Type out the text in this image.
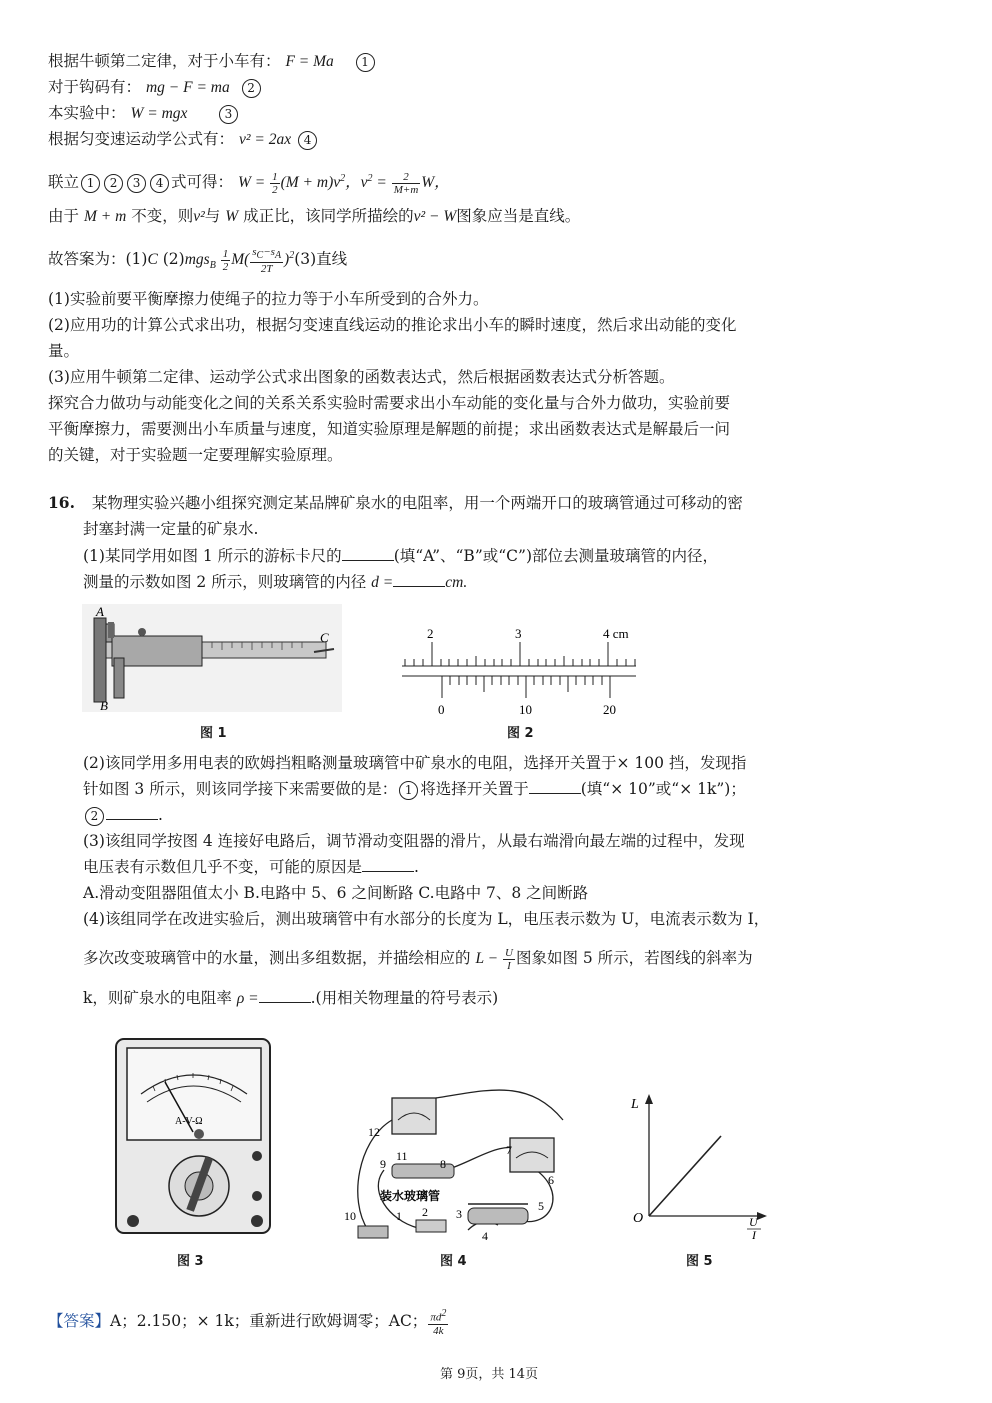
根据牛顿第二定律，对于小车有： F = Ma 1
对于钩码有： mg − F = ma 2
本实验中： W = mgx	3
根据匀变速运动学公式有： v² = 2ax 4
联立 1 2 3 4 式可得： $W = \frac{1}{2} (M + m)v^2$，$v^2 = \frac{2}{M+m}$ W，
由于 M + m 不变，则v²与 W 成正比，该同学所描绘的v² − W图象应当是直线。
故答案为：(1)C $(2)mgs_B \frac{1}{2} M( \frac{s_C-s_A}{2T} )^2(3)$直线
(1)实验前要平衡摩擦力使绳子的拉力等于小车所受到的合外力。
(2)应用功的计算公式求出功，根据匀变速直线运动的推论求出小车的瞬时速度，然后求出动能的变化
量。
(3)应用牛顿第二定律、运动学公式求出图象的函数表达式，然后根据函数表达式分析答题。
探究合力做功与动能变化之间的关系关系实验时需要求出小车动能的变化量与合外力做功，实验前要
平衡摩擦力，需要测出小车质量与速度，知道实验原理是解题的前提；求出函数表达式是解最后一问
的关键，对于实验题一定要理解实验原理。
16. 某物理实验兴趣小组探究测定某品牌矿泉水的电阻率，用一个两端开口的玻璃管通过可移动的密
封塞封满一定量的矿泉水.
(1)某同学用如图 1 所示的游标卡尺的	(填“A”、“B”或“C”)部位去测量玻璃管的内径，
测量的示数如图 2 所示，则玻璃管的内径 d =	cm.
A
B
C
图 1
2	3	4 cm
0	10	20
图 2
(2)该同学用多用电表的欧姆挡粗略测量玻璃管中矿泉水的电阻，选择开关置于× 100 挡，发现指
针如图 3 所示，则该同学接下来需要做的是： 1 将选择开关置于	(填“× 10”或“× 1k”)；
2	.
(3)该组同学按图 4 连接好电路后，调节滑动变阻器的滑片，从最右端滑向最左端的过程中，发现
电压表有示数但几乎不变，可能的原因是	.
A.滑动变阻器阻值太小 B.电路中 5、6 之间断路 C.电路中 7、8 之间断路
(4)该组同学在改进实验后，测出玻璃管中有水部分的长度为 L，电压表示数为 U，电流表示数为 I，
多次改变玻璃管中的水量，测出多组数据，并描绘相应的 $L - \frac{U}{I}$ 图象如图 5 所示，若图线的斜率为
k，则矿泉水的电阻率 ρ =	.(用相关物理量的符号表示)
A-V-Ω
图 3
装水玻璃管
12
11
9	8
7
6
10	1 2 3
4
5
图 4
L
O	U
I
图 5
【答案】A；2.150；× 1k；重新进行欧姆调零；AC； $\frac{\pi d^2}{4k}$
第 9页，共 14页
